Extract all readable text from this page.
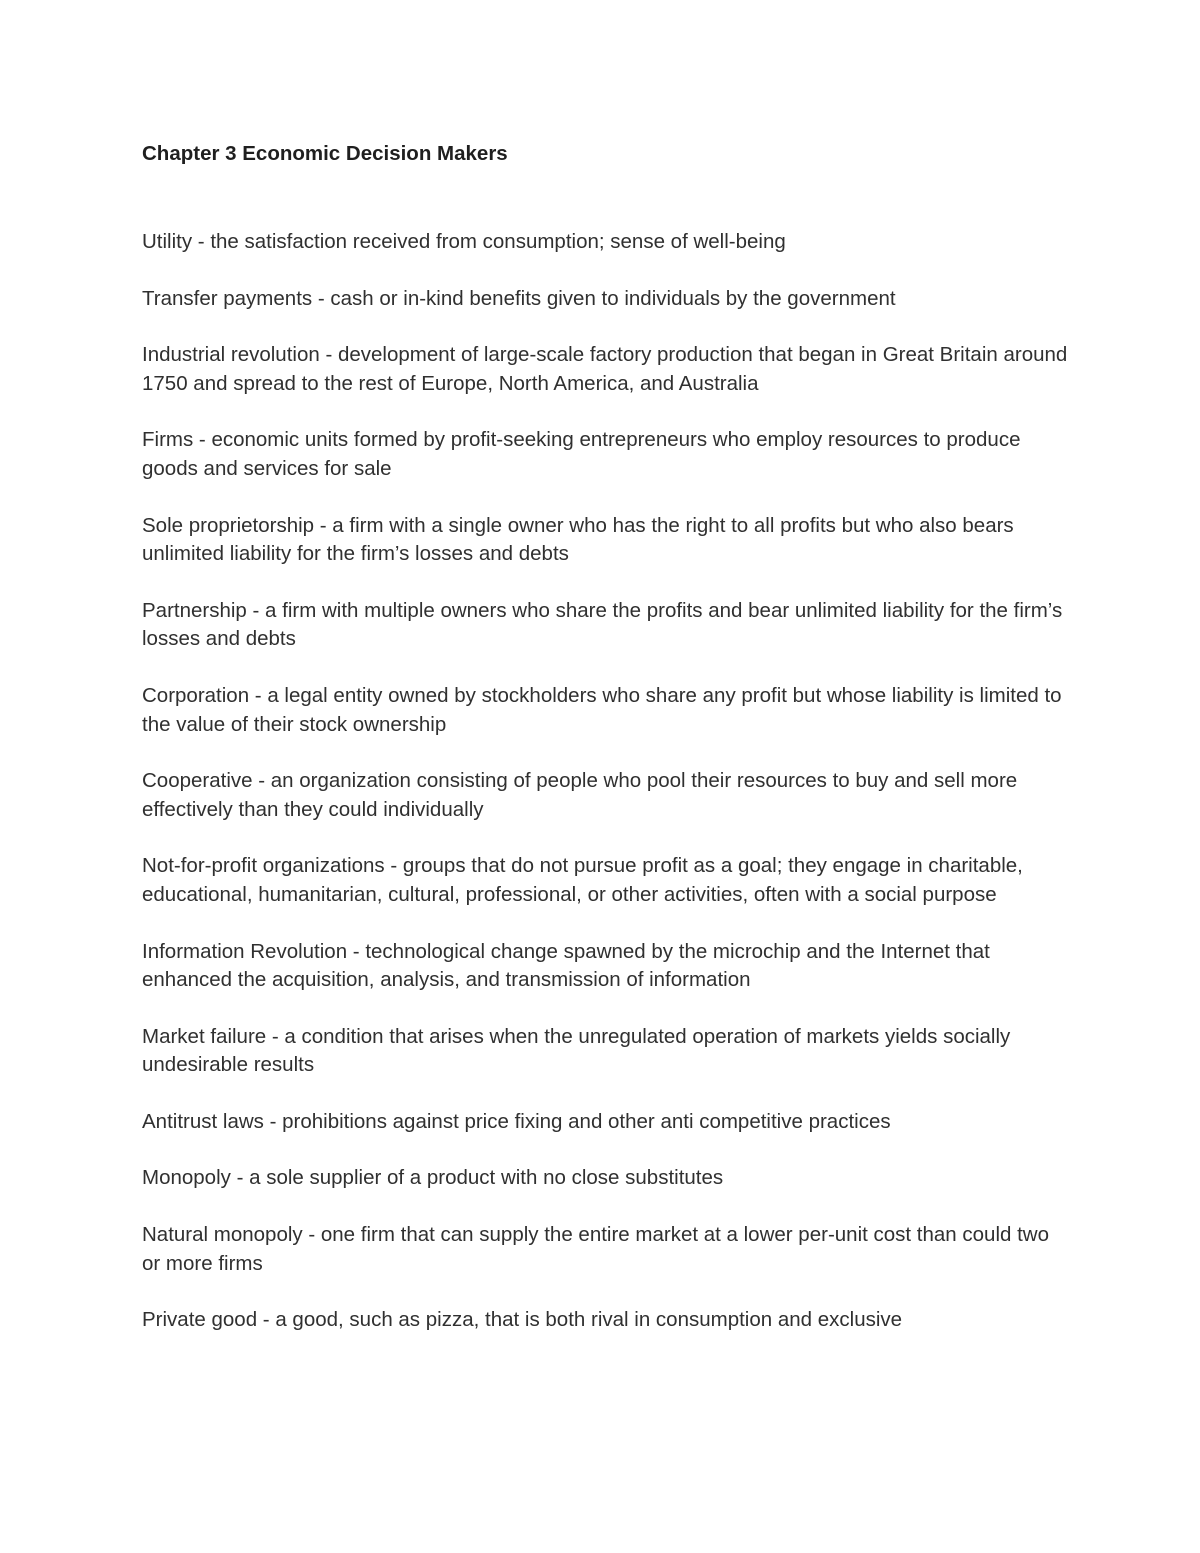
Chapter 3 Economic Decision Makers
Utility - the satisfaction received from consumption; sense of well-being
Transfer payments - cash or in-kind benefits given to individuals by the government
Industrial revolution - development of large-scale factory production that began in Great Britain around 1750 and spread to the rest of Europe, North America, and Australia
Firms - economic units formed by profit-seeking entrepreneurs who employ resources to produce goods and services for sale
Sole proprietorship - a firm with a single owner who has the right to all profits but who also bears unlimited liability for the firm’s losses and debts
Partnership - a firm with multiple owners who share the profits and bear unlimited liability for the firm’s losses and debts
Corporation - a legal entity owned by stockholders who share any profit but whose liability is limited to the value of their stock ownership
Cooperative - an organization consisting of people who pool their resources to buy and sell more effectively than they could individually
Not-for-profit organizations - groups that do not pursue profit as a goal; they engage in charitable, educational, humanitarian, cultural, professional, or other activities, often with a social purpose
Information Revolution - technological change spawned by the microchip and the Internet that enhanced the acquisition, analysis, and transmission of information
Market failure - a condition that arises when the unregulated operation of markets yields socially undesirable results
Antitrust laws - prohibitions against price fixing and other anti competitive practices
Monopoly - a sole supplier of a product with no close substitutes
Natural monopoly - one firm that can supply the entire market at a lower per-unit cost than could two or more firms
Private good - a good, such as pizza, that is both rival in consumption and exclusive
